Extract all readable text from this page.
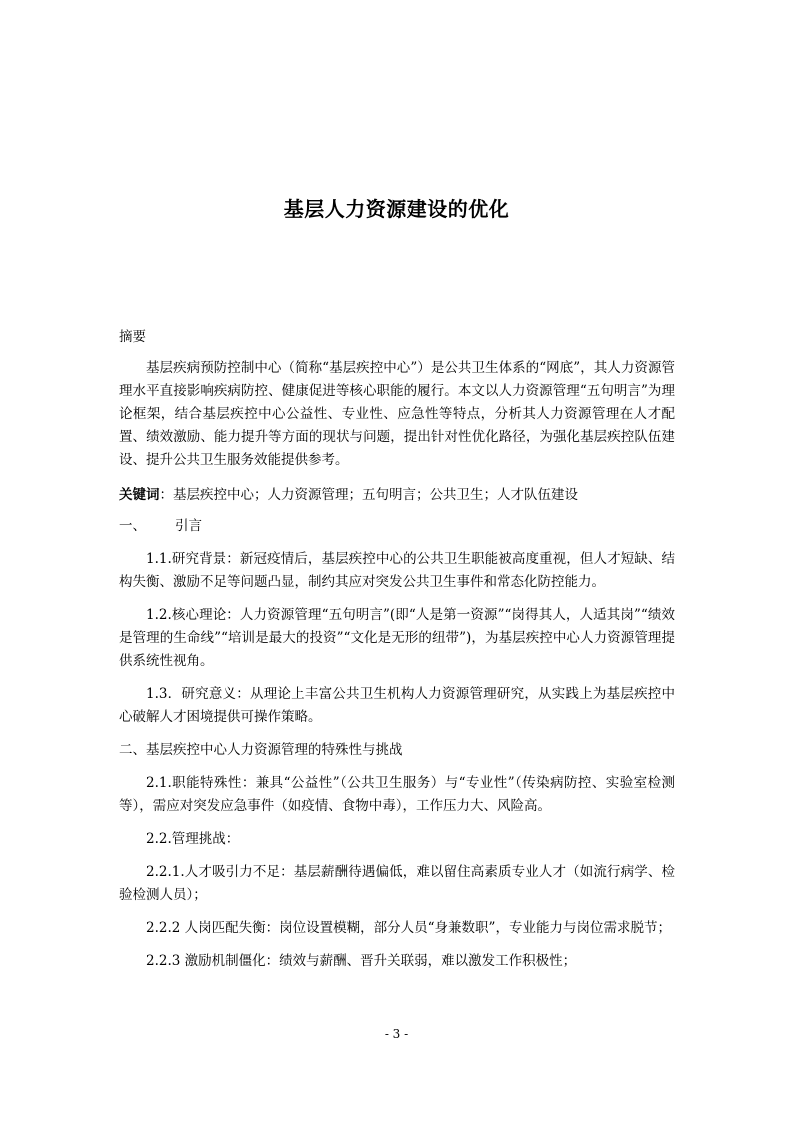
基层人力资源建设的优化

摘要

基层疾病预防控制中心（简称“基层疾控中心”）是公共卫生体系的“网底”，其人力资源管理水平直接影响疾病防控、健康促进等核心职能的履行。本文以人力资源管理“五句明言”为理论框架，结合基层疾控中心公益性、专业性、应急性等特点，分析其人力资源管理在人才配置、绩效激励、能力提升等方面的现状与问题，提出针对性优化路径，为强化基层疾控队伍建设、提升公共卫生服务效能提供参考。

关键词：基层疾控中心；人力资源管理；五句明言；公共卫生；人才队伍建设

一、 引言

1.1.研究背景：新冠疫情后，基层疾控中心的公共卫生职能被高度重视，但人才短缺、结构失衡、激励不足等问题凸显，制约其应对突发公共卫生事件和常态化防控能力。

1.2.核心理论：人力资源管理“五句明言”(即“人是第一资源”“岗得其人，人适其岗”“绩效是管理的生命线”“培训是最大的投资”“文化是无形的纽带”)，为基层疾控中心人力资源管理提供系统性视角。

1.3．研究意义：从理论上丰富公共卫生机构人力资源管理研究，从实践上为基层疾控中心破解人才困境提供可操作策略。

二、基层疾控中心人力资源管理的特殊性与挑战

2.1.职能特殊性：兼具“公益性”（公共卫生服务）与“专业性”（传染病防控、实验室检测等），需应对突发应急事件（如疫情、食物中毒），工作压力大、风险高。

2.2.管理挑战：

2.2.1.人才吸引力不足：基层薪酬待遇偏低，难以留住高素质专业人才（如流行病学、检验检测人员）；

2.2.2 人岗匹配失衡：岗位设置模糊，部分人员“身兼数职”，专业能力与岗位需求脱节；

2.2.3 激励机制僵化：绩效与薪酬、晋升关联弱，难以激发工作积极性；

- 3 -
